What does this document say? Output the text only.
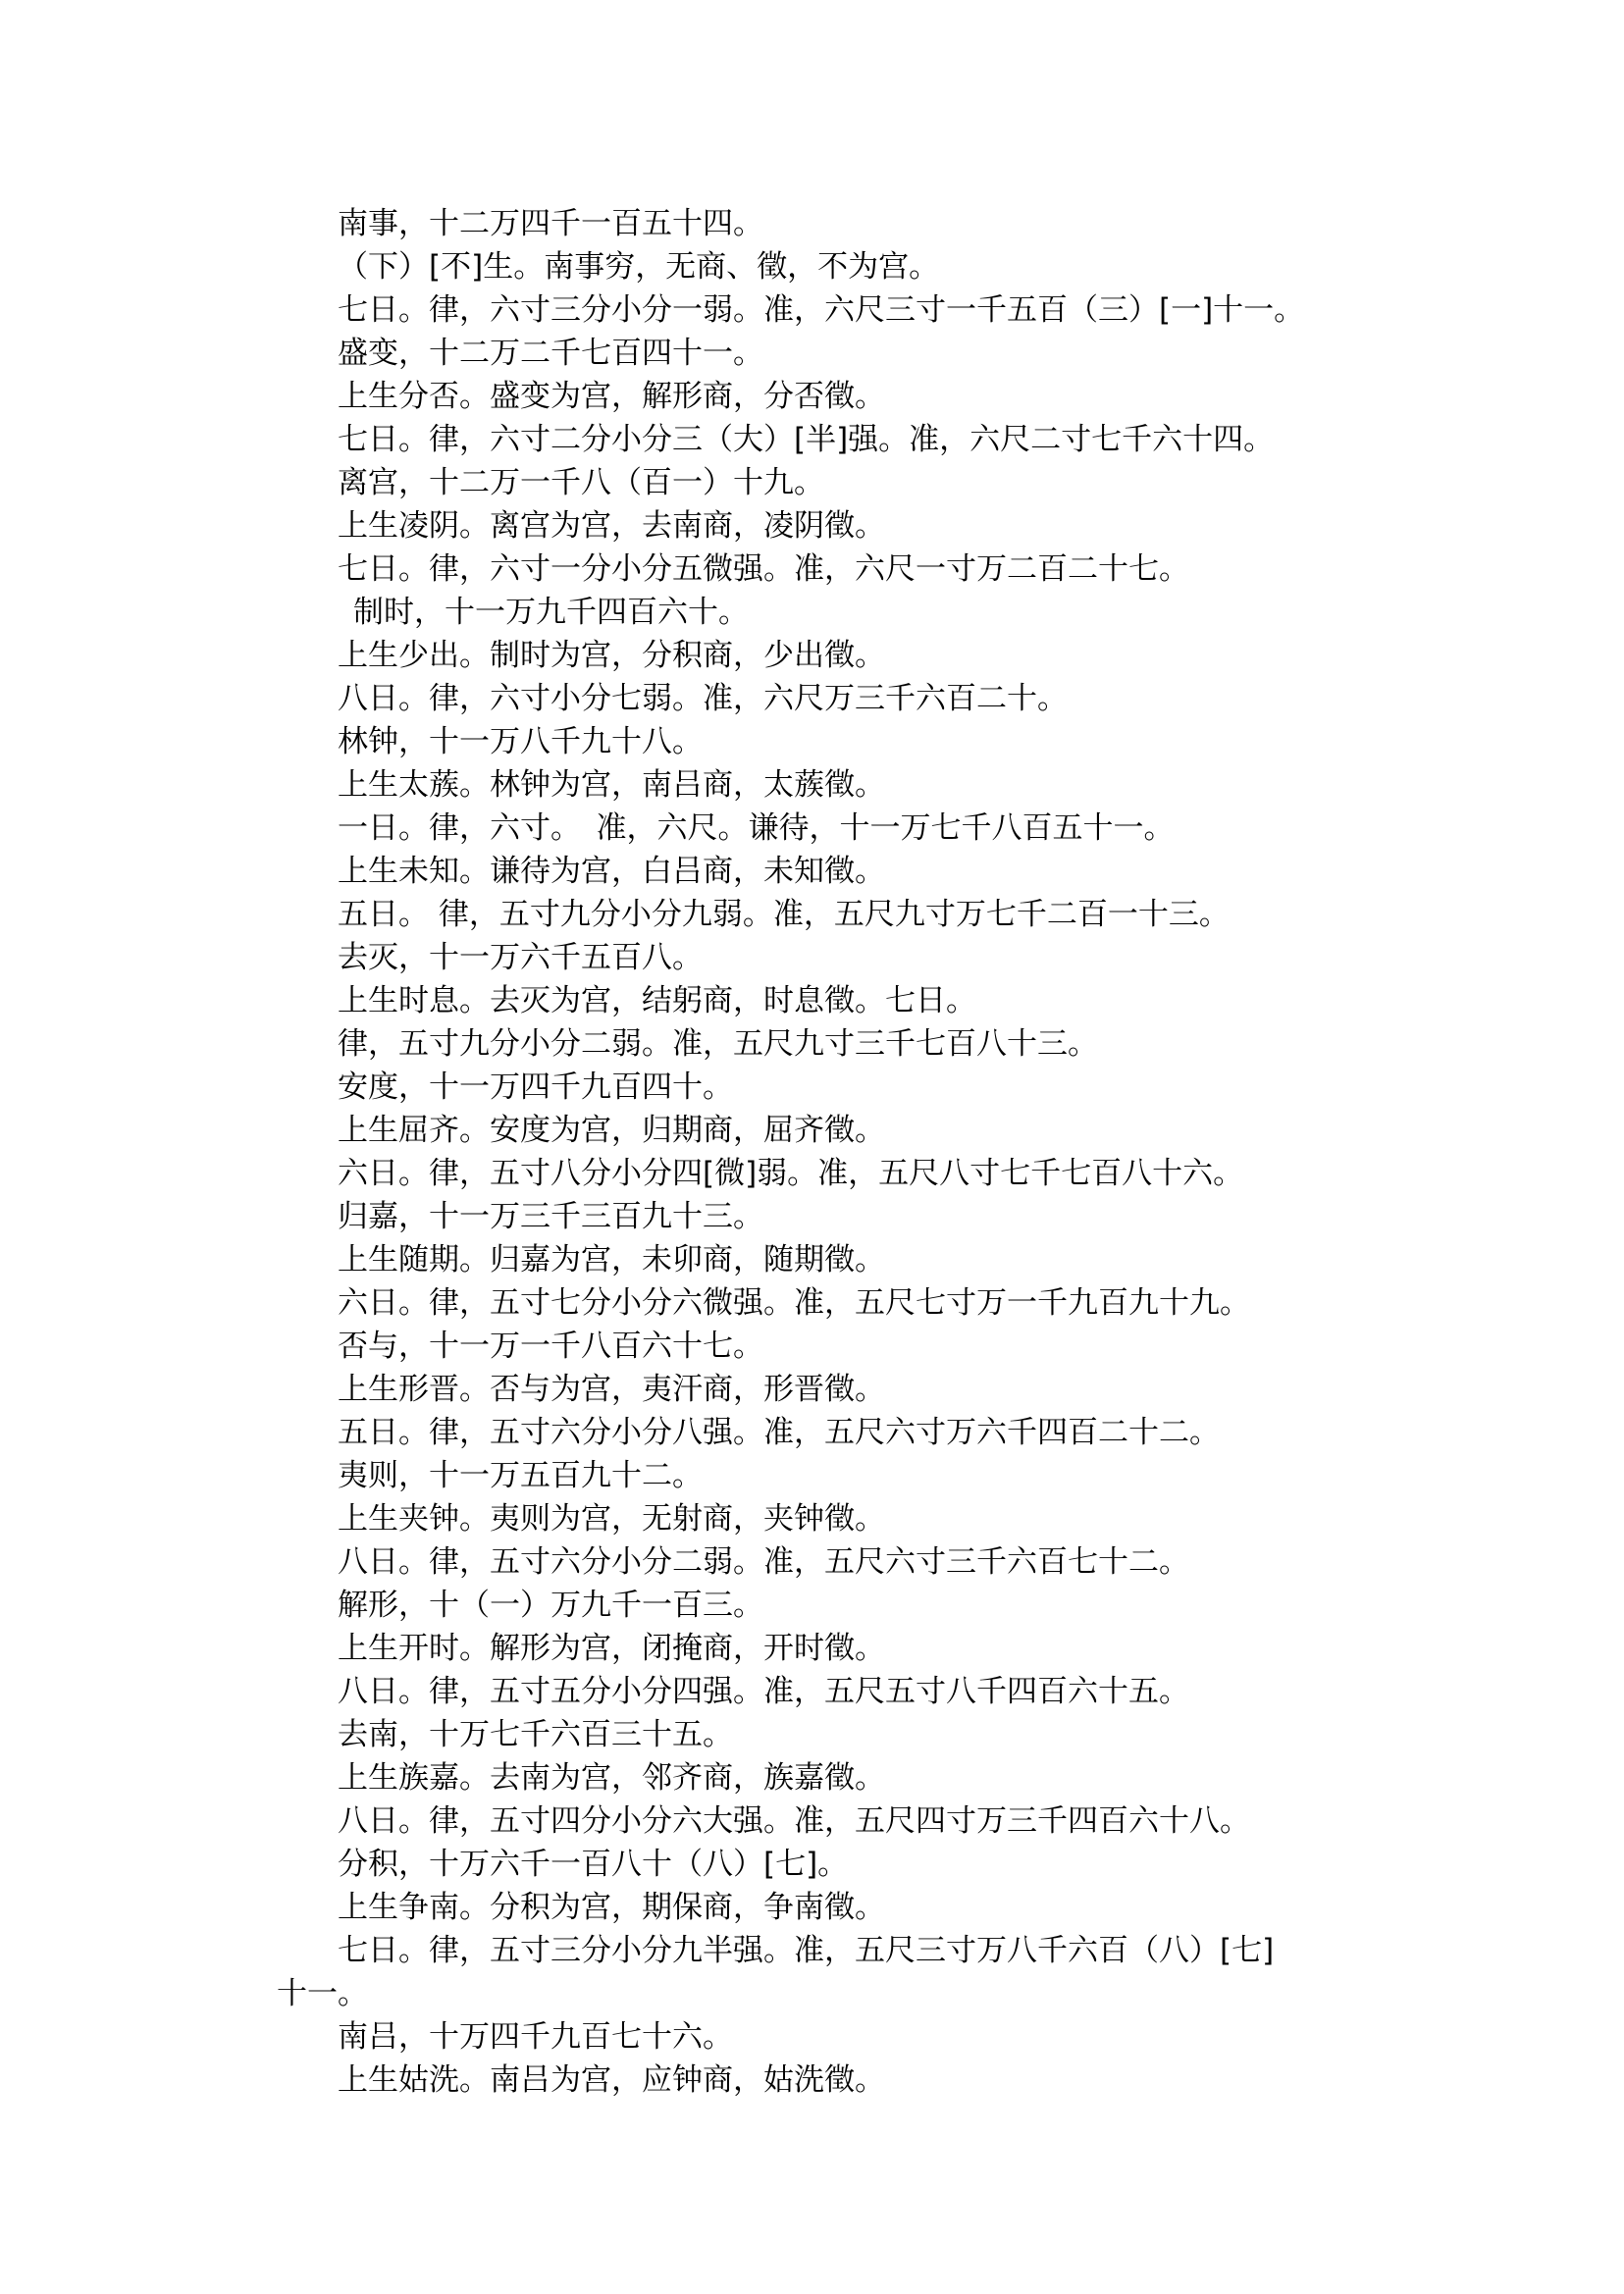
南事，十二万四千一百五十四。
（下）[不]生。南事穷，无商、徵，不为宫。
七日。律，六寸三分小分一弱。准，六尺三寸一千五百（三）[一]十一。
盛变，十二万二千七百四十一。
上生分否。盛变为宫，解形商，分否徵。
七日。律，六寸二分小分三（大）[半]强。准，六尺二寸七千六十四。
离宫，十二万一千八（百一）十九。
上生凌阴。离宫为宫，去南商，凌阴徵。
七日。律，六寸一分小分五微强。准，六尺一寸万二百二十七。
制时，十一万九千四百六十。
上生少出。制时为宫，分积商，少出徵。
八日。律，六寸小分七弱。准，六尺万三千六百二十。
林钟，十一万八千九十八。
上生太蔟。林钟为宫，南吕商，太蔟徵。
一日。律，六寸。　准，六尺。谦待，十一万七千八百五十一。
上生未知。谦待为宫，白吕商，未知徵。
五日。 律，五寸九分小分九弱。准，五尺九寸万七千二百一十三。
去灭，十一万六千五百八。
上生时息。去灭为宫，结躬商，时息徵。七日。
律，五寸九分小分二弱。准，五尺九寸三千七百八十三。
安度，十一万四千九百四十。
上生屈齐。安度为宫，归期商，屈齐徵。
六日。律，五寸八分小分四[微]弱。准，五尺八寸七千七百八十六。
归嘉，十一万三千三百九十三。
上生随期。归嘉为宫，未卯商，随期徵。
六日。律，五寸七分小分六微强。准，五尺七寸万一千九百九十九。
否与，十一万一千八百六十七。
上生形晋。否与为宫，夷汗商，形晋徵。
五日。律，五寸六分小分八强。准，五尺六寸万六千四百二十二。
夷则，十一万五百九十二。
上生夹钟。夷则为宫，无射商，夹钟徵。
八日。律，五寸六分小分二弱。准，五尺六寸三千六百七十二。
解形，十（一）万九千一百三。
上生开时。解形为宫，闭掩商，开时徵。
八日。律，五寸五分小分四强。准，五尺五寸八千四百六十五。
去南，十万七千六百三十五。
上生族嘉。去南为宫，邻齐商，族嘉徵。
八日。律，五寸四分小分六大强。准，五尺四寸万三千四百六十八。
分积，十万六千一百八十（八）[七]。
上生争南。分积为宫，期保商，争南徵。
七日。律，五寸三分小分九半强。准，五尺三寸万八千六百（八）[七]
十一。
南吕，十万四千九百七十六。
上生姑洗。南吕为宫，应钟商，姑洗徵。
